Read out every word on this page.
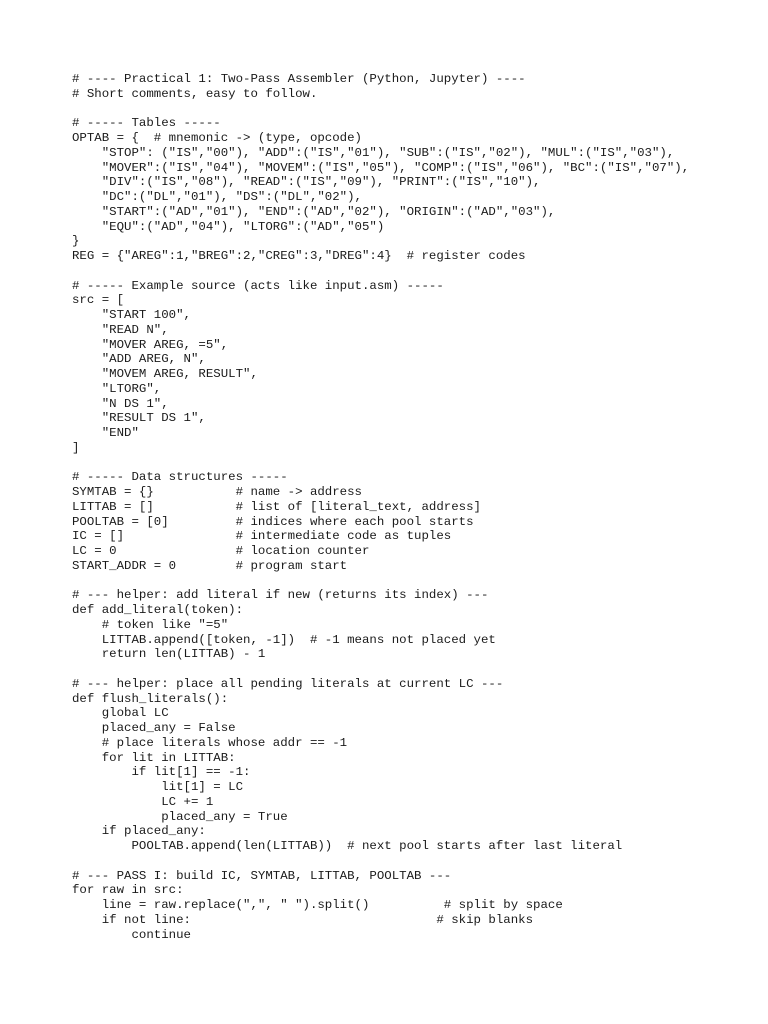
# ---- Practical 1: Two-Pass Assembler (Python, Jupyter) ----
# Short comments, easy to follow.
# ----- Tables -----
OPTAB = {  # mnemonic -> (type, opcode)
"STOP": ("IS","00"), "ADD":("IS","01"), "SUB":("IS","02"), "MUL":("IS","03"),
"MOVER":("IS","04"), "MOVEM":("IS","05"), "COMP":("IS","06"), "BC":("IS","07"),
"DIV":("IS","08"), "READ":("IS","09"), "PRINT":("IS","10"),
"DC":("DL","01"), "DS":("DL","02"),
"START":("AD","01"), "END":("AD","02"), "ORIGIN":("AD","03"),
"EQU":("AD","04"), "LTORG":("AD","05")
}
REG = {"AREG":1,"BREG":2,"CREG":3,"DREG":4}  # register codes
# ----- Example source (acts like input.asm) -----
src = [
"START 100",
"READ N",
"MOVER AREG, =5",
"ADD AREG, N",
"MOVEM AREG, RESULT",
"LTORG",
"N DS 1",
"RESULT DS 1",
"END"
]
# ----- Data structures -----
SYMTAB = {}           # name -> address
LITTAB = []           # list of [literal_text, address]
POOLTAB = [0]         # indices where each pool starts
IC = []               # intermediate code as tuples
LC = 0                # location counter
START_ADDR = 0        # program start
# --- helper: add literal if new (returns its index) ---
def add_literal(token):
# token like "=5"
LITTAB.append([token, -1])  # -1 means not placed yet
return len(LITTAB) - 1
# --- helper: place all pending literals at current LC ---
def flush_literals():
global LC
placed_any = False
# place literals whose addr == -1
for lit in LITTAB:
if lit[1] == -1:
lit[1] = LC
LC += 1
placed_any = True
if placed_any:
POOLTAB.append(len(LITTAB))  # next pool starts after last literal
# --- PASS I: build IC, SYMTAB, LITTAB, POOLTAB ---
for raw in src:
line = raw.replace(",", " ").split()          # split by space
if not line:                                 # skip blanks
continue
